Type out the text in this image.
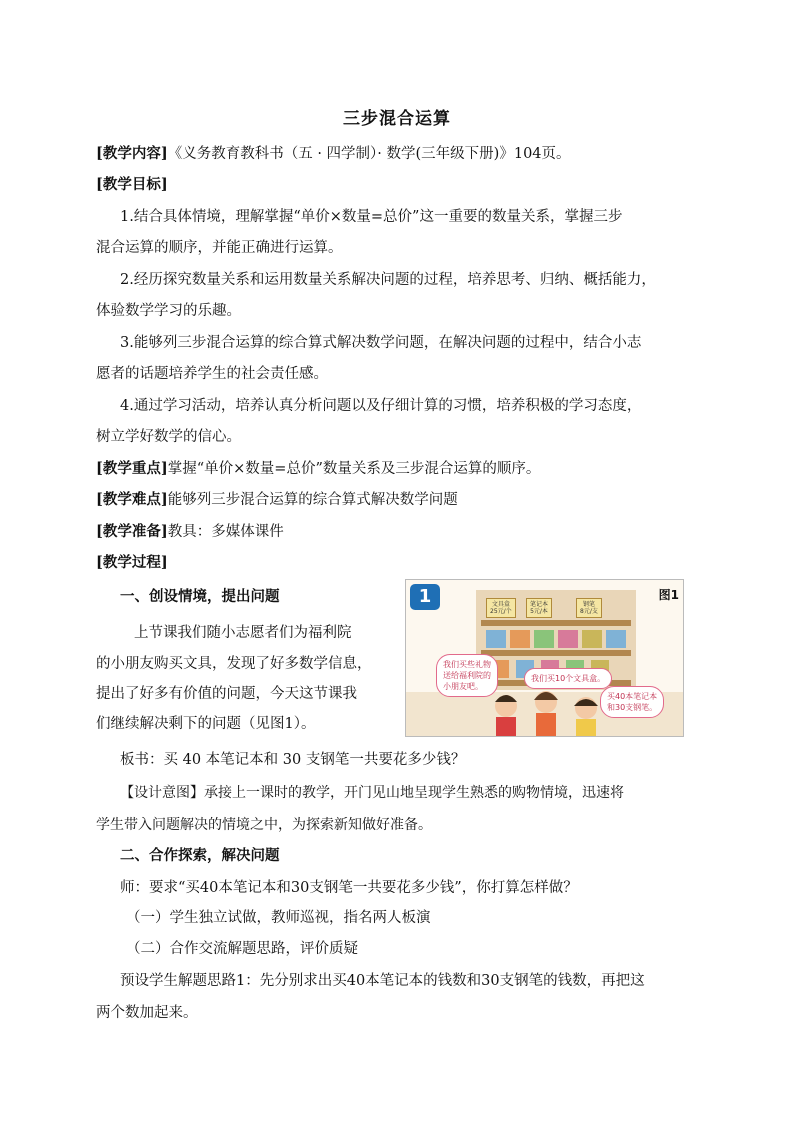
三步混合运算
[教学内容]《义务教育教科书（五 · 四学制）· 数学(三年级下册)》104页。
[教学目标]
1.结合具体情境，理解掌握“单价×数量=总价”这一重要的数量关系，掌握三步
混合运算的顺序，并能正确进行运算。
2.经历探究数量关系和运用数量关系解决问题的过程，培养思考、归纳、概括能力，
体验数学学习的乐趣。
3.能够列三步混合运算的综合算式解决数学问题，在解决问题的过程中，结合小志
愿者的话题培养学生的社会责任感。
4.通过学习活动，培养认真分析问题以及仔细计算的习惯，培养积极的学习态度，
树立学好数学的信心。
[教学重点]掌握“单价×数量=总价”数量关系及三步混合运算的顺序。
[教学难点]能够列三步混合运算的综合算式解决数学问题
[教学准备]教具：多媒体课件
[教学过程]
一、创设情境，提出问题
上节课我们随小志愿者们为福利院
的小朋友购买文具，发现了好多数学信息，
提出了好多有价值的问题，今天这节课我
们继续解决剩下的问题（见图1）。
1	图1
文具盒
25元/个
笔记本
5元/本
钢笔
8元/支
我们买些礼物
送给福利院的
小朋友吧。
我们买10个文具盒。
买40本笔记本
和30支钢笔。
板书：买 40 本笔记本和 30 支钢笔一共要花多少钱？
【设计意图】承接上一课时的教学，开门见山地呈现学生熟悉的购物情境，迅速将
学生带入问题解决的情境之中，为探索新知做好准备。
二、合作探索，解决问题
师：要求“买40本笔记本和30支钢笔一共要花多少钱”，你打算怎样做？
（一）学生独立试做，教师巡视，指名两人板演
（二）合作交流解题思路，评价质疑
预设学生解题思路1：先分别求出买40本笔记本的钱数和30支钢笔的钱数，再把这
两个数加起来。
